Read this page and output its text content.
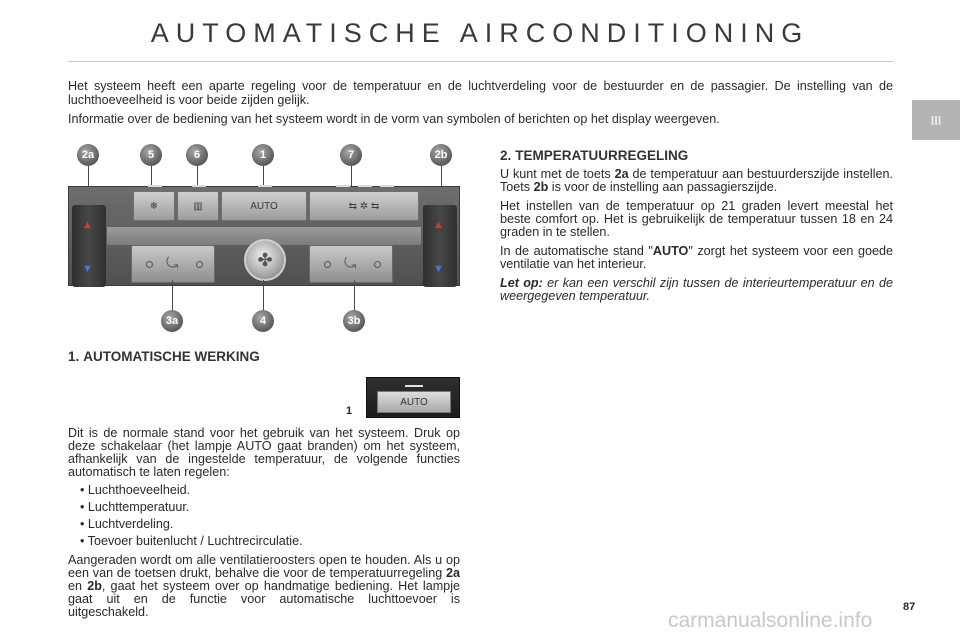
AUTOMATISCHE AIRCONDITIONING
III

Het systeem heeft een aparte regeling voor de temperatuur en de luchtverdeling voor de bestuurder en de passagier. De instelling van de luchthoeveelheid is voor beide zijden gelijk.

Informatie over de bediening van het systeem wordt in de vorm van symbolen of berichten op het display weergeven.

2a	5	6	1	7	2b
▲
▼
▲
▼
❄	▥	AUTO	⇆ ✲ ⇆
⤿	✤	⤿
3a	4	3b
1. AUTOMATISCHE WERKING
1
AUTO

Dit is de normale stand voor het gebruik van het systeem. Druk op deze schakelaar (het lampje AUTO gaat branden) om het systeem, afhankelijk van de ingestelde temperatuur, de volgende functies automatisch te laten regelen:

• Luchthoeveelheid.
• Luchttemperatuur.
• Luchtverdeling.
• Toevoer buitenlucht / Luchtrecirculatie.

Aangeraden wordt om alle ventilatieroosters open te houden. Als u op een van de toetsen drukt, behalve die voor de temperatuurregeling 2a en 2b, gaat het systeem over op handmatige bediening. Het lampje gaat uit en de functie voor automatische luchttoevoer is uitgeschakeld.

2. TEMPERATUURREGELING

U kunt met de toets 2a de temperatuur aan bestuurderszijde instellen. Toets 2b is voor de instelling aan passagierszijde.

Het instellen van de temperatuur op 21 graden levert meestal het beste comfort op. Het is gebruikelijk de temperatuur tussen 18 en 24 graden in te stellen.

In de automatische stand "AUTO" zorgt het systeem voor een goede ventilatie van het interieur.

Let op: er kan een verschil zijn tussen de interieurtemperatuur en de weergegeven temperatuur.

87
carmanualsonline.info
